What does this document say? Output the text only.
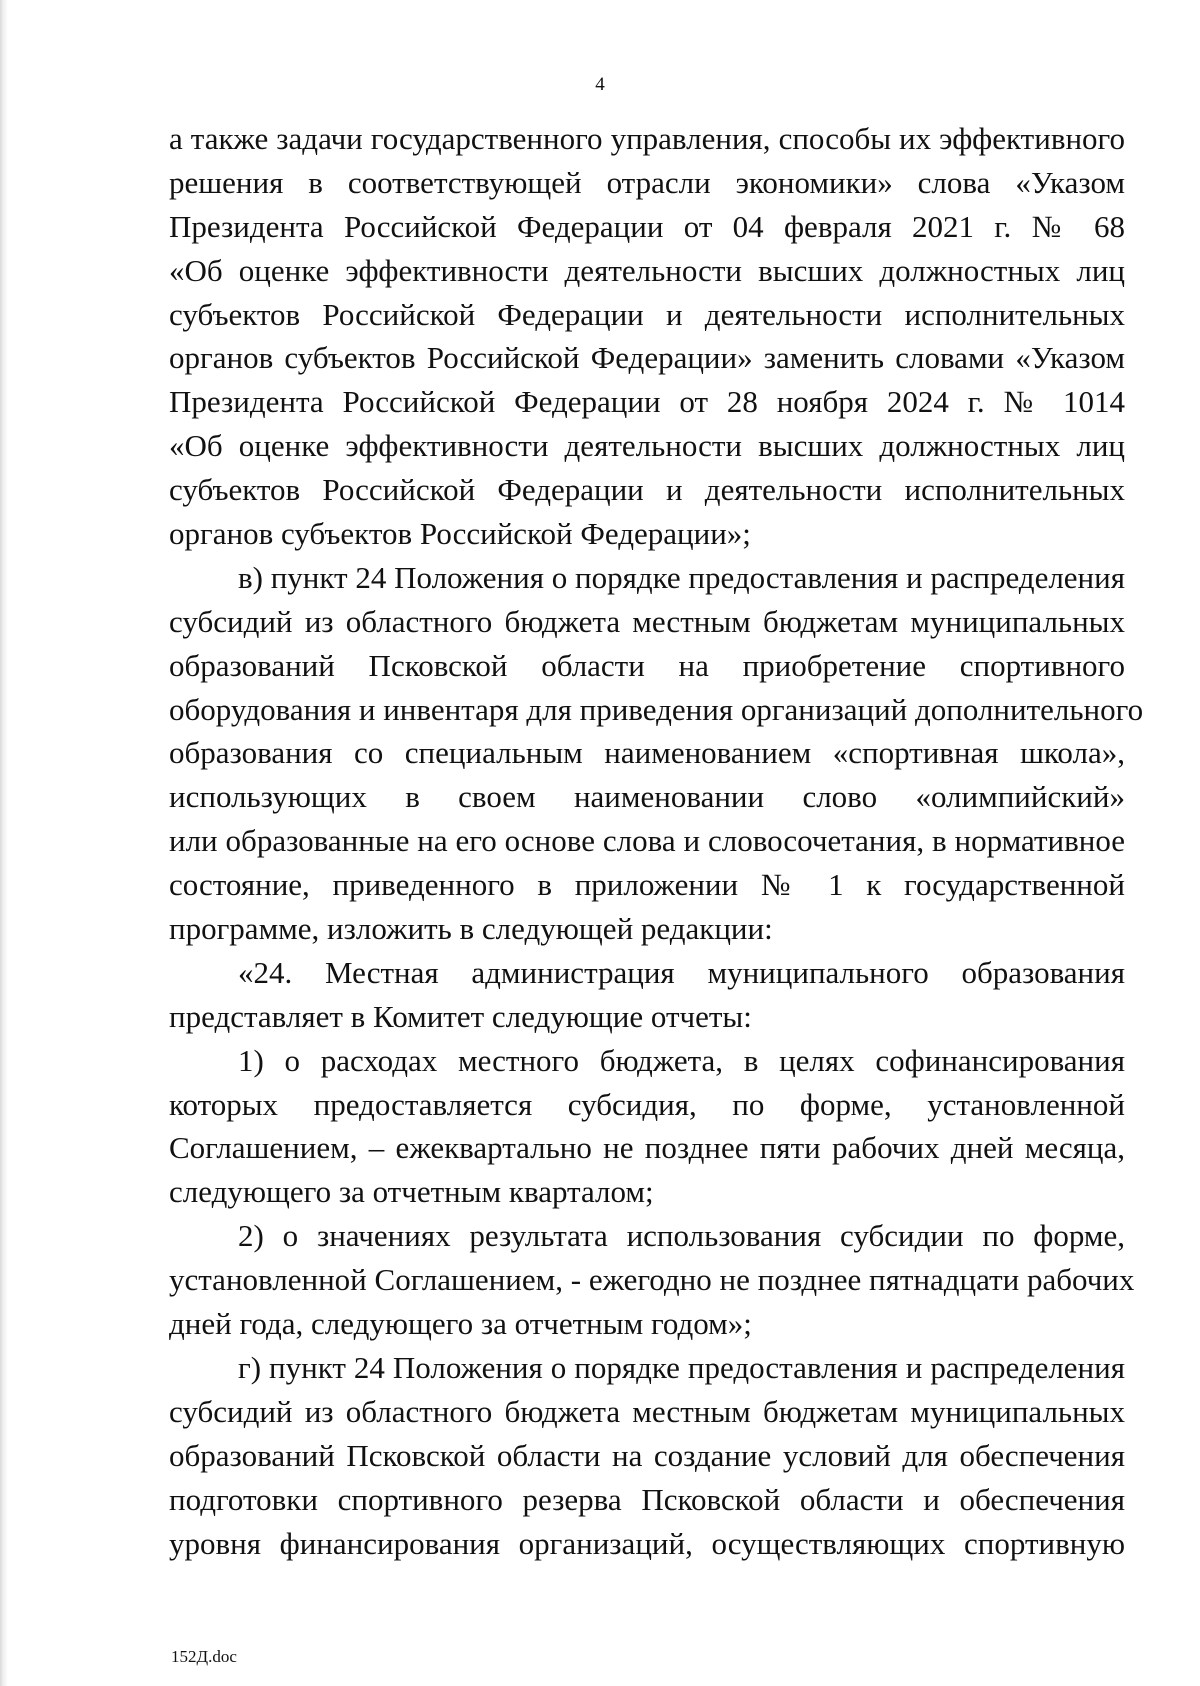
4
а также задачи государственного управления, способы их эффективного
решения в соответствующей отрасли экономики» слова «Указом
Президента Российской Федерации от 04 февраля 2021 г. № 68
«Об оценке эффективности деятельности высших должностных лиц
субъектов Российской Федерации и деятельности исполнительных
органов субъектов Российской Федерации» заменить словами «Указом
Президента Российской Федерации от 28 ноября 2024 г. № 1014
«Об оценке эффективности деятельности высших должностных лиц
субъектов Российской Федерации и деятельности исполнительных
органов субъектов Российской Федерации»;
в) пункт 24 Положения о порядке предоставления и распределения
субсидий из областного бюджета местным бюджетам муниципальных
образований Псковской области на приобретение спортивного
оборудования и инвентаря для приведения организаций дополнительного
образования со специальным наименованием «спортивная школа»,
использующих в своем наименовании слово «олимпийский»
или образованные на его основе слова и словосочетания, в нормативное
состояние, приведенного в приложении № 1 к государственной
программе, изложить в следующей редакции:
«24. Местная администрация муниципального образования
представляет в Комитет следующие отчеты:
1) о расходах местного бюджета, в целях софинансирования
которых предоставляется субсидия, по форме, установленной
Соглашением, – ежеквартально не позднее пяти рабочих дней месяца,
следующего за отчетным кварталом;
2) о значениях результата использования субсидии по форме,
установленной Соглашением, - ежегодно не позднее пятнадцати рабочих
дней года, следующего за отчетным годом»;
г) пункт 24 Положения о порядке предоставления и распределения
субсидий из областного бюджета местным бюджетам муниципальных
образований Псковской области на создание условий для обеспечения
подготовки спортивного резерва Псковской области и обеспечения
уровня финансирования организаций, осуществляющих спортивную
152Д.doc
